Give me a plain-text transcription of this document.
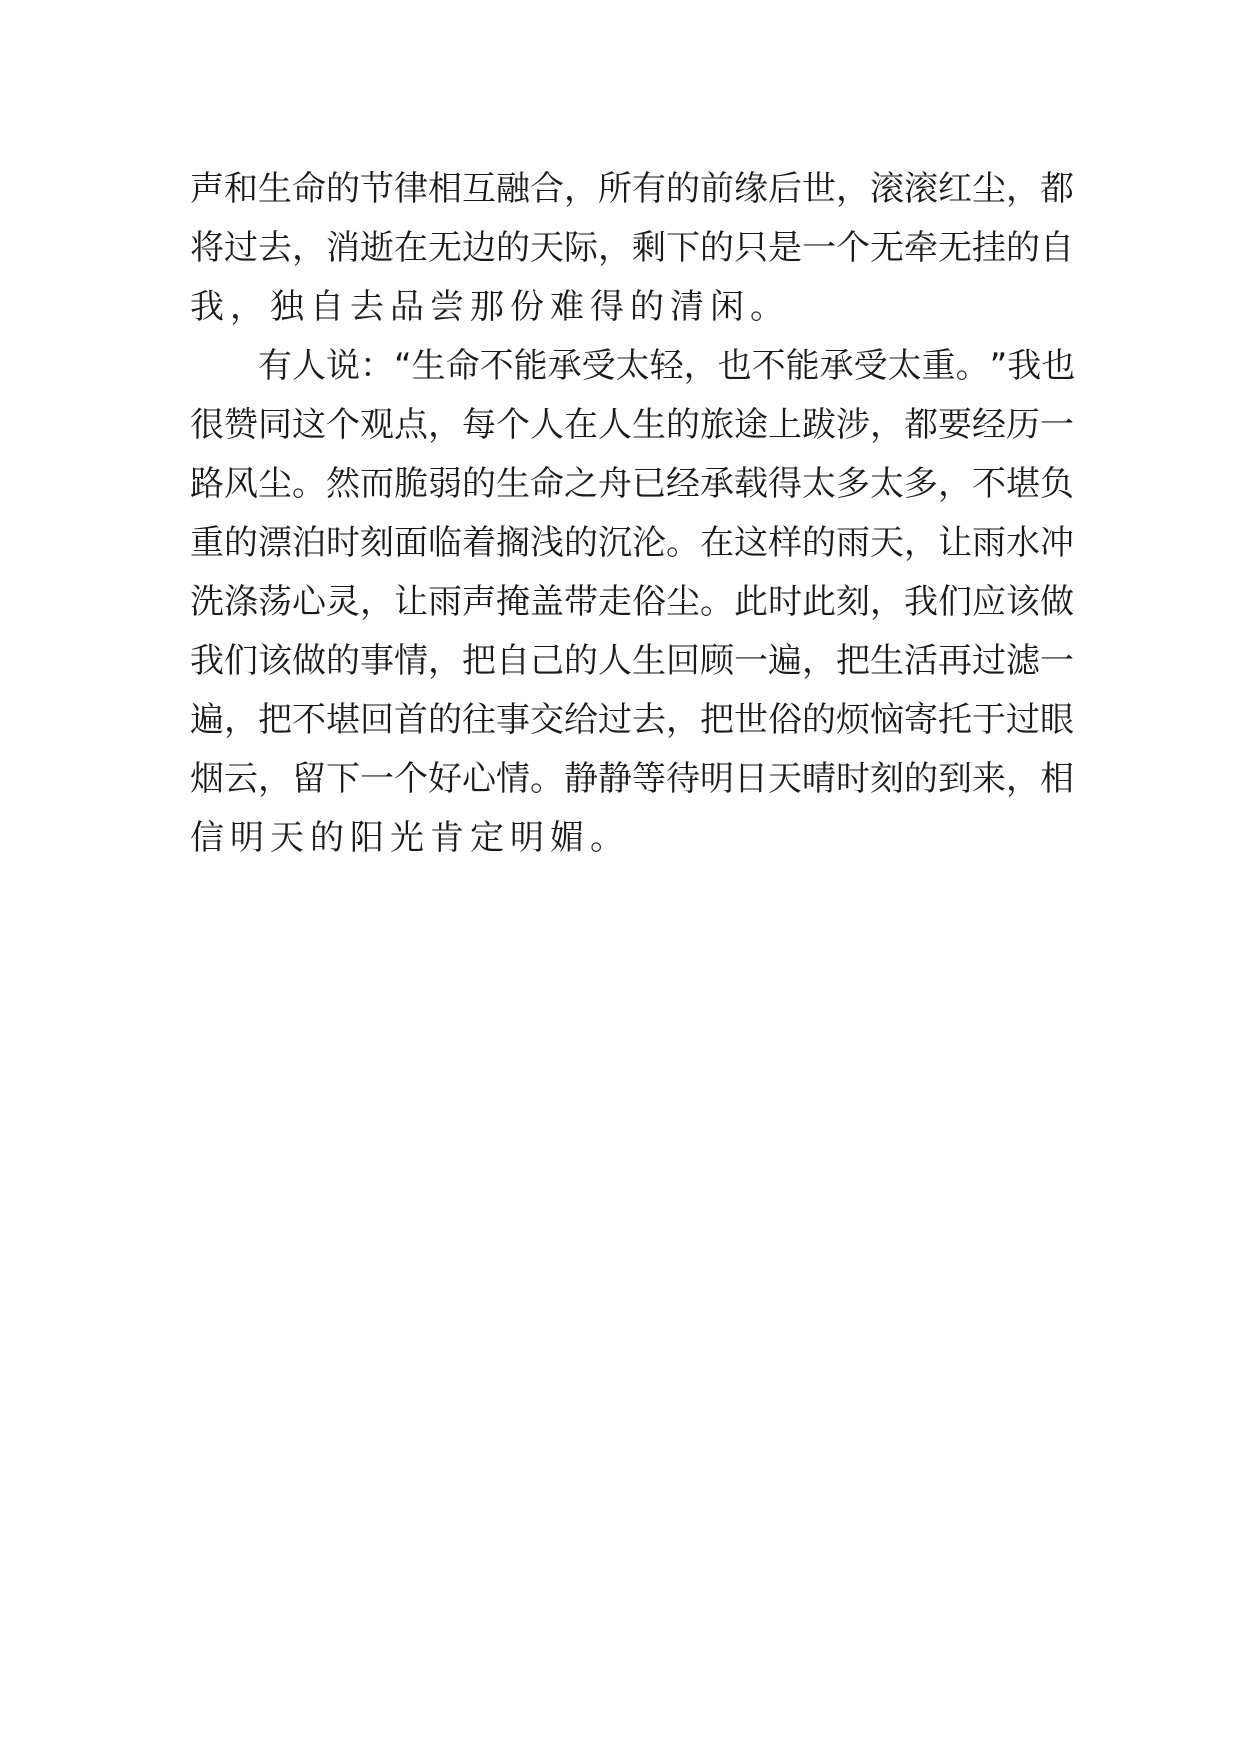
声 和 生 命 的 节 律 相 互 融 合 ， 所 有 的 前 缘 后 世 ， 滚 滚 红 尘 ， 都
将 过 去 ， 消 逝 在 无 边 的 天 际 ， 剩 下 的 只 是 一 个 无 牵 无 挂 的 自
我，独自去品尝那份难得的清闲。
有 人 说 ： “ 生 命 不 能 承 受 太 轻 ， 也 不 能 承 受 太 重 。 ” 我 也
很 赞 同 这 个 观 点 ， 每 个 人 在 人 生 的 旅 途 上 跋 涉 ， 都 要 经 历 一
路 风 尘 。 然 而 脆 弱 的 生 命 之 舟 已 经 承 载 得 太 多 太 多 ， 不 堪 负
重 的 漂 泊 时 刻 面 临 着 搁 浅 的 沉 沦 。 在 这 样 的 雨 天 ， 让 雨 水 冲
洗 涤 荡 心 灵 ， 让 雨 声 掩 盖 带 走 俗 尘 。 此 时 此 刻 ， 我 们 应 该 做
我 们 该 做 的 事 情 ， 把 自 己 的 人 生 回 顾 一 遍 ， 把 生 活 再 过 滤 一
遍 ， 把 不 堪 回 首 的 往 事 交 给 过 去 ， 把 世 俗 的 烦 恼 寄 托 于 过 眼
烟 云 ， 留 下 一 个 好 心 情 。 静 静 等 待 明 日 天 晴 时 刻 的 到 来 ， 相
信明天的阳光肯定明媚。
